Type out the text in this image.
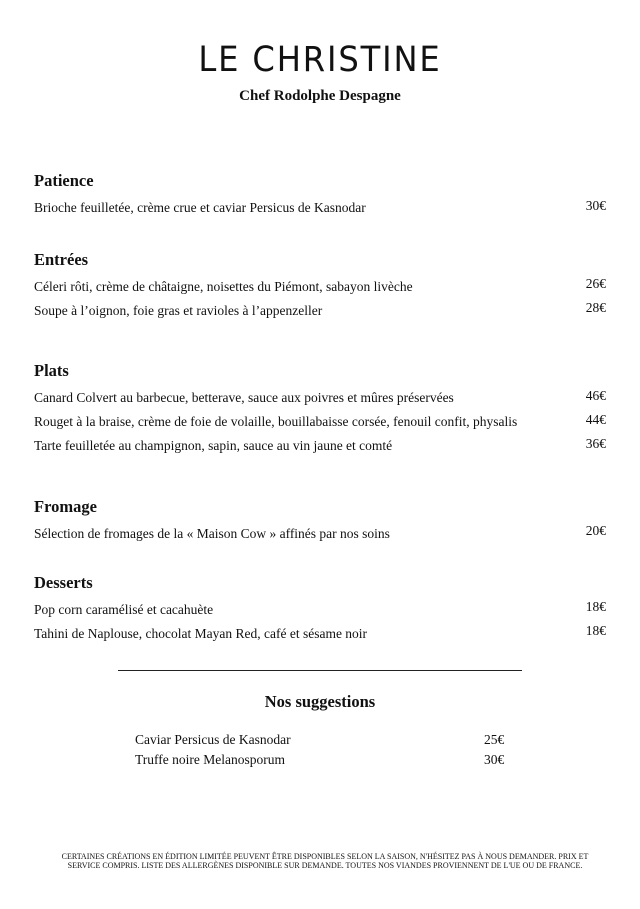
LE CHRISTINE
Chef Rodolphe Despagne
Patience
Brioche feuilletée, crème crue et caviar Persicus de Kasnodar	30€
Entrées
Céleri rôti, crème de châtaigne, noisettes du Piémont, sabayon livèche	26€
Soupe à l’oignon, foie gras et ravioles à l’appenzeller	28€
Plats
Canard Colvert au barbecue, betterave, sauce aux poivres et mûres préservées	46€
Rouget à la braise, crème de foie de volaille, bouillabaisse corsée, fenouil confit, physalis	44€
Tarte feuilletée au champignon, sapin, sauce au vin jaune et comté	36€
Fromage
Sélection de fromages de la « Maison Cow » affinés par nos soins	20€
Desserts
Pop corn caramélisé et cacahuète	18€
Tahini de Naplouse, chocolat Mayan Red, café et sésame noir	18€
Nos suggestions
Caviar Persicus de Kasnodar	25€
Truffe noire Melanosporum	30€
CERTAINES CRÉATIONS EN ÉDITION LIMITÉE PEUVENT ÊTRE DISPONIBLES SELON LA SAISON, N'HÉSITEZ PAS À NOUS DEMANDER. PRIX ET SERVICE COMPRIS. LISTE DES ALLERGÈNES DISPONIBLE SUR DEMANDE. TOUTES NOS VIANDES PROVIENNENT DE L'UE OU DE FRANCE.
